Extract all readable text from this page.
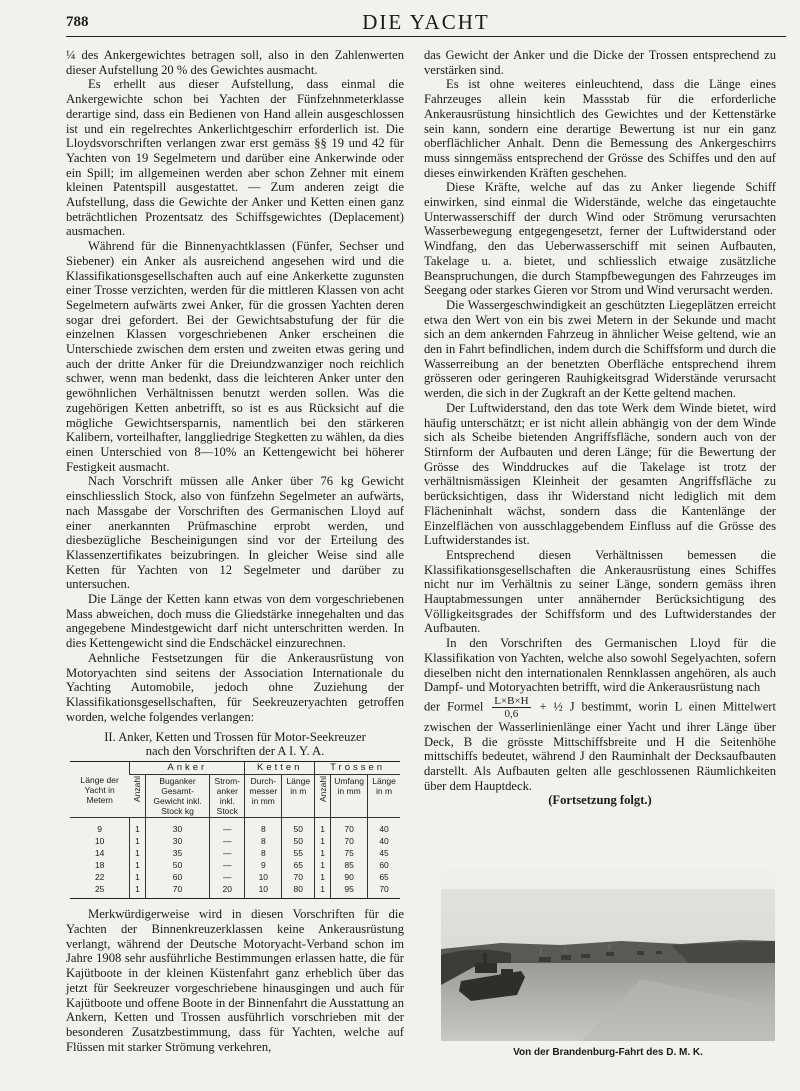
788	DIE YACHT

¼ des Ankergewichtes betragen soll, also in den Zahlenwerten dieser Aufstellung 20 % des Gewichtes ausmacht.

Es erhellt aus dieser Aufstellung, dass einmal die Ankergewichte schon bei Yachten der Fünfzehnmeterklasse derartige sind, dass ein Bedienen von Hand allein ausgeschlossen ist und ein regelrechtes Ankerlichtgeschirr erforderlich ist. Die Lloydsvorschriften verlangen zwar erst gemäss §§ 19 und 42 für Yachten von 19 Segelmetern und darüber eine Ankerwinde oder ein Spill; im allgemeinen werden aber schon Zehner mit einem kleinen Patentspill ausgestattet. — Zum anderen zeigt die Aufstellung, dass die Gewichte der Anker und Ketten einen ganz beträchtlichen Prozentsatz des Schiffsgewichtes (Deplacement) ausmachen.

Während für die Binnenyachtklassen (Fünfer, Sechser und Siebener) ein Anker als ausreichend angesehen wird und die Klassifikationsgesellschaften auch auf eine Ankerkette zugunsten einer Trosse verzichten, werden für die mittleren Klassen von acht Segelmetern aufwärts zwei Anker, für die grossen Yachten deren sogar drei gefordert. Bei der Gewichtsabstufung der für die einzelnen Klassen vorgeschriebenen Anker erscheinen die Unterschiede zwischen dem ersten und zweiten etwas gering und auch der dritte Anker für die Dreiundzwanziger noch reichlich schwer, wenn man bedenkt, dass die leichteren Anker unter den gewöhnlichen Verhältnissen benutzt werden sollen. Was die zugehörigen Ketten anbetrifft, so ist es aus Rücksicht auf die mögliche Gewichtsersparnis, namentlich bei den stärkeren Kalibern, vorteilhafter, langgliedrige Stegketten zu wählen, da dies einen Unterschied von 8—10% an Kettengewicht bei höherer Festigkeit ausmacht.

Nach Vorschrift müssen alle Anker über 76 kg Gewicht einschliesslich Stock, also von fünfzehn Segelmeter an aufwärts, nach Massgabe der Vorschriften des Germanischen Lloyd auf einer anerkannten Prüfmaschine erprobt werden, und diesbezügliche Bescheinigungen sind vor der Erteilung des Klassenzertifikates beizubringen. In gleicher Weise sind alle Ketten für Yachten von 12 Segelmeter und darüber zu untersuchen.

Die Länge der Ketten kann etwas von dem vorgeschriebenen Mass abweichen, doch muss die Gliedstärke innegehalten und das angegebene Mindestgewicht darf nicht unterschritten werden. In dies Kettengewicht sind die Endschäckel einzurechnen.

Aehnliche Festsetzungen für die Ankerausrüstung von Motoryachten sind seitens der Association Internationale du Yachting Automobile, jedoch ohne Zuziehung der Klassifikationsgesellschaften, für Seekreuzeryachten getroffen worden, welche folgendes verlangen:

II. Anker, Ketten und Trossen für Motor-Seekreuzer
nach den Vorschriften der A I. Y. A.
Länge der Yacht in Metern	Anker			Ketten		Trossen		
	Anzahl	Buganker Gesamt-Gewicht inkl. Stock kg	Strom-anker inkl. Stock	Durch-messer in mm	Länge in m	Anzahl	Umfang in mm	Länge in m
9	1	30	—	8	50	1	70	40
10	1	30	—	8	50	1	70	40
14	1	35	—	8	55	1	75	45
18	1	50	—	9	65	1	85	60
22	1	60	—	10	70	1	90	65
25	1	70	20	10	80	1	95	70

Merkwürdigerweise wird in diesen Vorschriften für die Yachten der Binnenkreuzerklassen keine Ankerausrüstung verlangt, während der Deutsche Motoryacht-Verband schon im Jahre 1908 sehr ausführliche Bestimmungen erlassen hatte, die für Kajütboote in der kleinen Küstenfahrt ganz erheblich über das jetzt für Seekreuzer vorgeschriebene hinausgingen und auch für Kajütboote und offene Boote in der Binnenfahrt die Ausstattung an Ankern, Ketten und Trossen ausführlich vorschrieben mit der besonderen Zusatzbestimmung, dass für Yachten, welche auf Flüssen mit starker Strömung verkehren,

das Gewicht der Anker und die Dicke der Trossen entsprechend zu verstärken sind.

Es ist ohne weiteres einleuchtend, dass die Länge eines Fahrzeuges allein kein Massstab für die erforderliche Ankerausrüstung hinsichtlich des Gewichtes und der Kettenstärke sein kann, sondern eine derartige Bewertung ist nur ein ganz oberflächlicher Anhalt. Denn die Bemessung des Ankergeschirrs muss sinngemäss entsprechend der Grösse des Schiffes und den auf dieses einwirkenden Kräften geschehen.

Diese Kräfte, welche auf das zu Anker liegende Schiff einwirken, sind einmal die Widerstände, welche das eingetauchte Unterwasserschiff der durch Wind oder Strömung verursachten Wasserbewegung entgegengesetzt, ferner der Luftwiderstand oder Windfang, den das Ueberwasserschiff mit seinen Aufbauten, Takelage u. a. bietet, und schliesslich etwaige zusätzliche Beanspruchungen, die durch Stampfbewegungen des Fahrzeuges im Seegang oder starkes Gieren vor Strom und Wind verursacht werden.

Die Wassergeschwindigkeit an geschützten Liegeplätzen erreicht etwa den Wert von ein bis zwei Metern in der Sekunde und macht sich an dem ankernden Fahrzeug in ähnlicher Weise geltend, wie an den in Fahrt befindlichen, indem durch die Schiffsform und durch die Wasserreibung an der benetzten Oberfläche entsprechend ihrem grösseren oder geringeren Rauhigkeitsgrad Widerstände verursacht werden, die sich in der Zugkraft an der Kette geltend machen.

Der Luftwiderstand, den das tote Werk dem Winde bietet, wird häufig unterschätzt; er ist nicht allein abhängig von der dem Winde sich als Scheibe bietenden Angriffsfläche, sondern auch von der Stirnform der Aufbauten und deren Länge; für die Bewertung der Grösse des Winddruckes auf die Takelage ist trotz der verhältnismässigen Kleinheit der gesamten Angriffsfläche zu berücksichtigen, dass ihr Widerstand nicht lediglich mit dem Flächeninhalt wächst, sondern dass die Kantenlänge der Einzelflächen von ausschlaggebendem Einfluss auf die Grösse des Luftwiderstandes ist.

Entsprechend diesen Verhältnissen bemessen die Klassifikationsgesellschaften die Ankerausrüstung eines Schiffes nicht nur im Verhältnis zu seiner Länge, sondern gemäss ihren Hauptabmessungen unter annähernder Berücksichtigung des Völligkeitsgrades der Schiffsform und des Luftwiderstandes der Aufbauten.

In den Vorschriften des Germanischen Lloyd für die Klassifikation von Yachten, welche also sowohl Segelyachten, sofern dieselben nicht den internationalen Rennklassen angehören, als auch Dampf- und Motoryachten betrifft, wird die Ankerausrüstung nach

der Formel $\frac{L\times B\times H}{0,6}$ + ½ J bestimmt, worin L einen Mittelwert zwischen der Wasserlinienlänge einer Yacht und ihrer Länge über Deck, B die grösste Mittschiffsbreite und H die Seitenhöhe mittschiffs bedeutet, während J den Rauminhalt der Decksaufbauten darstellt. Als Aufbauten gelten alle geschlossenen Räumlichkeiten über dem Hauptdeck.

(Fortsetzung folgt.)

Von der Brandenburg-Fahrt des D. M. K.
